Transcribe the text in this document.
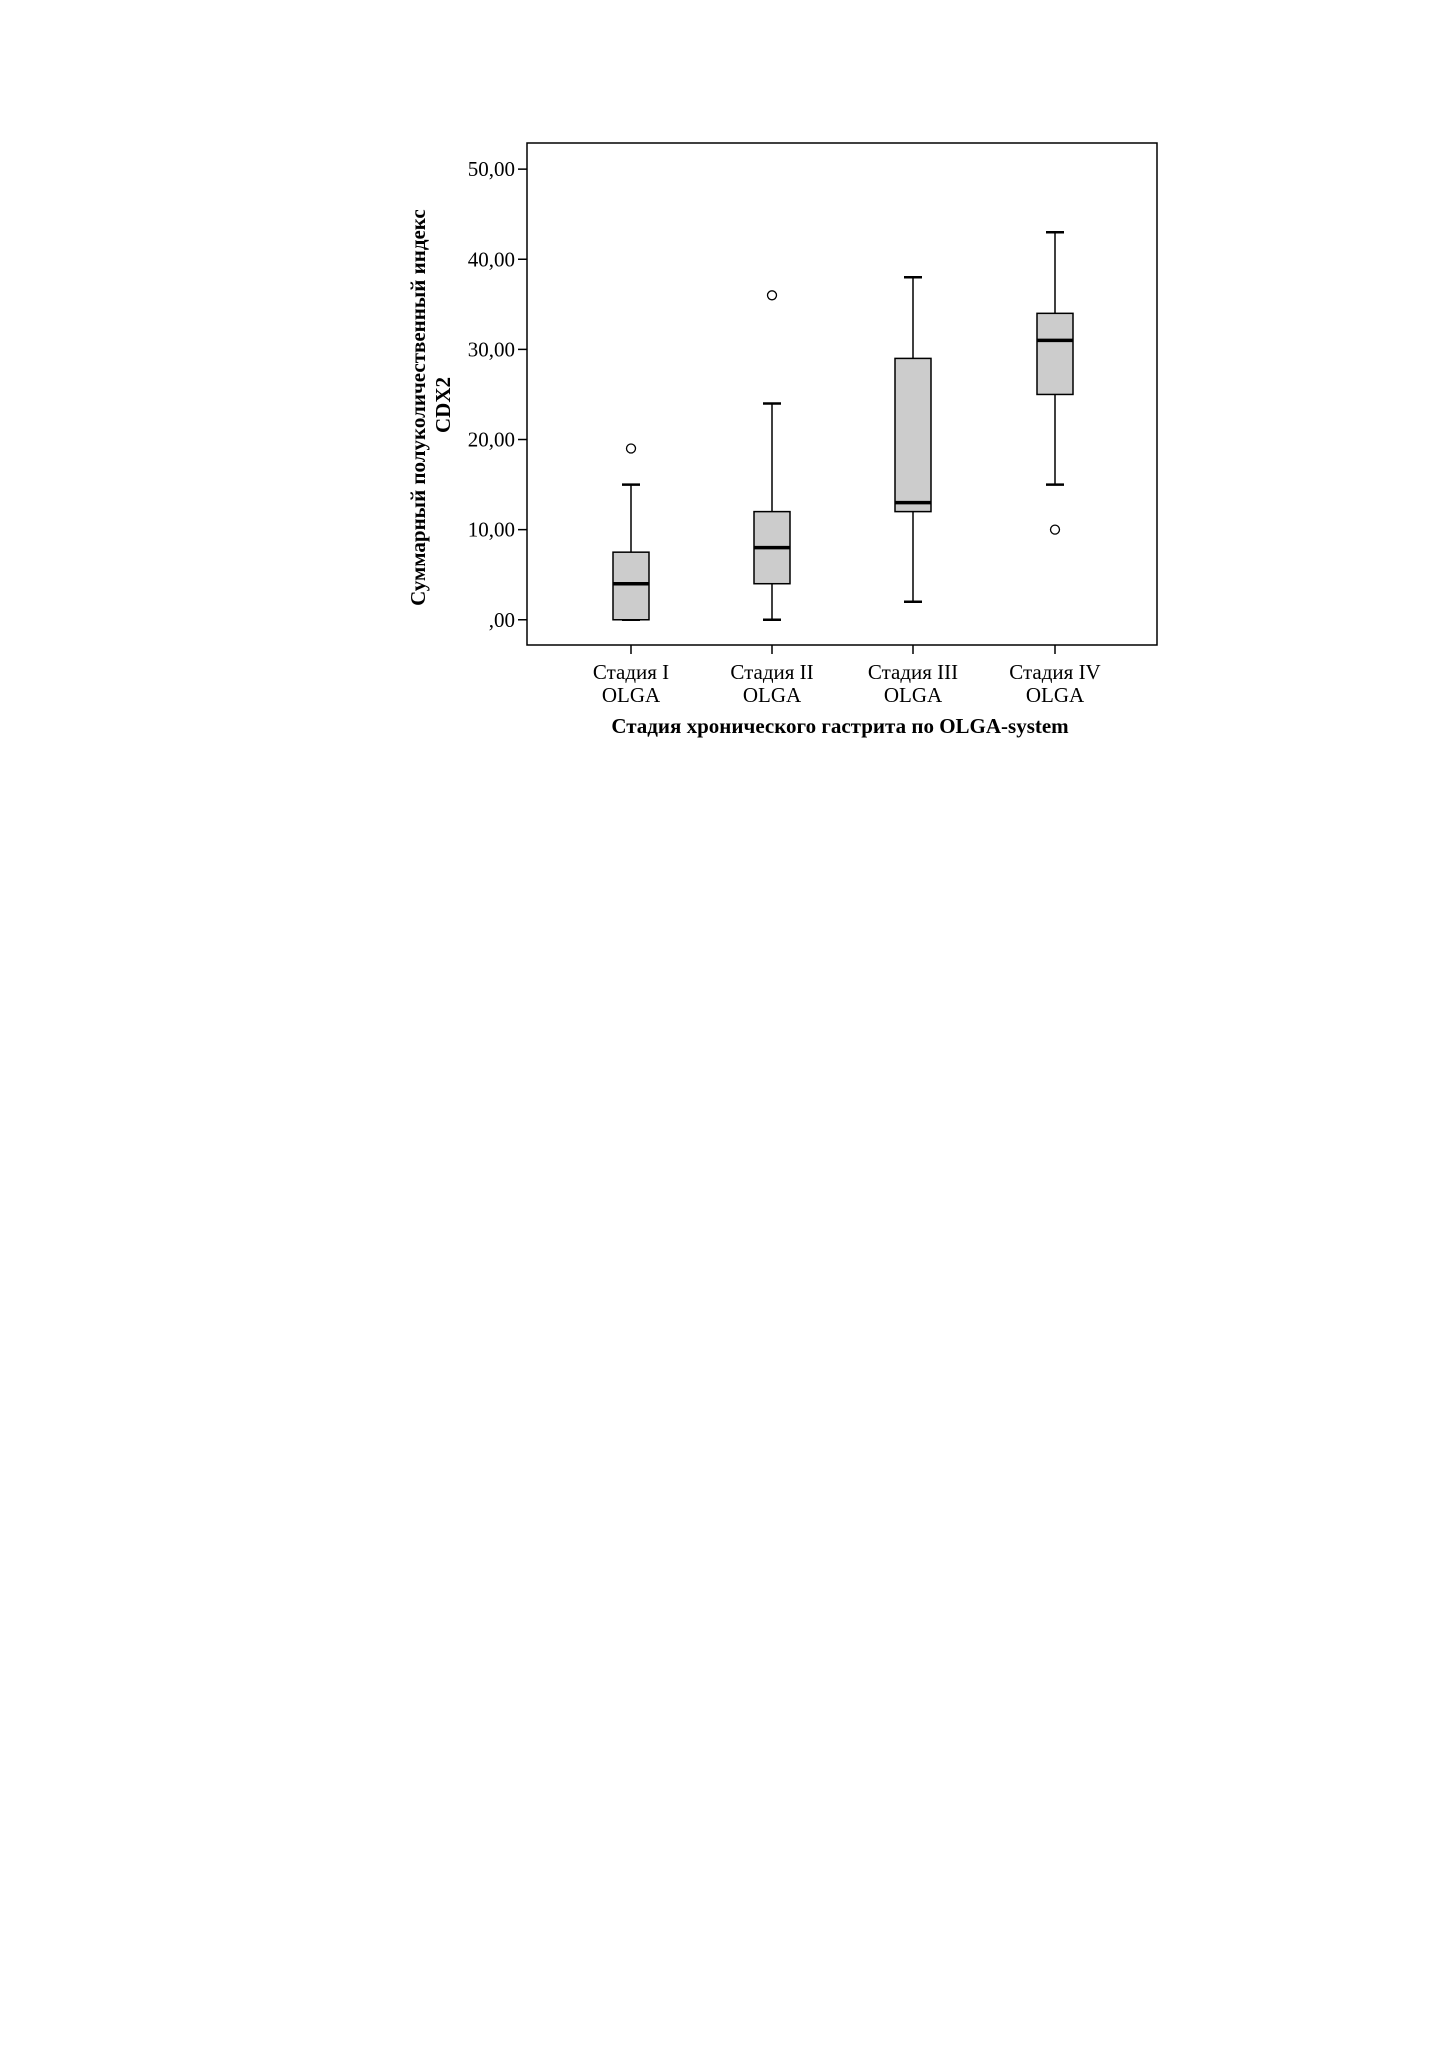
,00
10,00
20,00
30,00
40,00
50,00
Стадия I
OLGA
Стадия II
OLGA
Стадия III
OLGA
Стадия IV
OLGA
Стадия хронического гастрита по OLGA-system
Суммарный полуколичественный индекс CDX2
